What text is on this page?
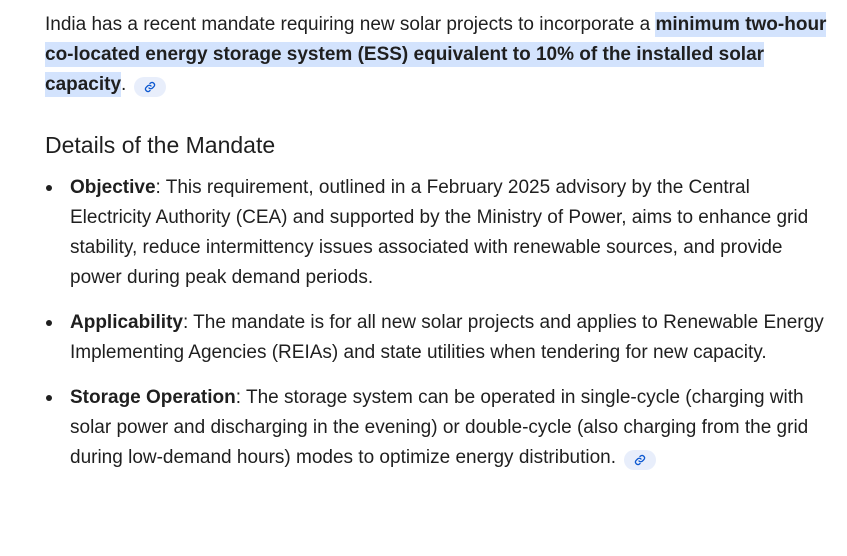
India has a recent mandate requiring new solar projects to incorporate a minimum two-hour co-located energy storage system (ESS) equivalent to 10% of the installed solar capacity.

Details of the Mandate
Objective: This requirement, outlined in a February 2025 advisory by the Central Electricity Authority (CEA) and supported by the Ministry of Power, aims to enhance grid stability, reduce intermittency issues associated with renewable sources, and provide power during peak demand periods.
Applicability: The mandate is for all new solar projects and applies to Renewable Energy Implementing Agencies (REIAs) and state utilities when tendering for new capacity.
Storage Operation: The storage system can be operated in single-cycle (charging with solar power and discharging in the evening) or double-cycle (also charging from the grid during low-demand hours) modes to optimize energy distribution.
